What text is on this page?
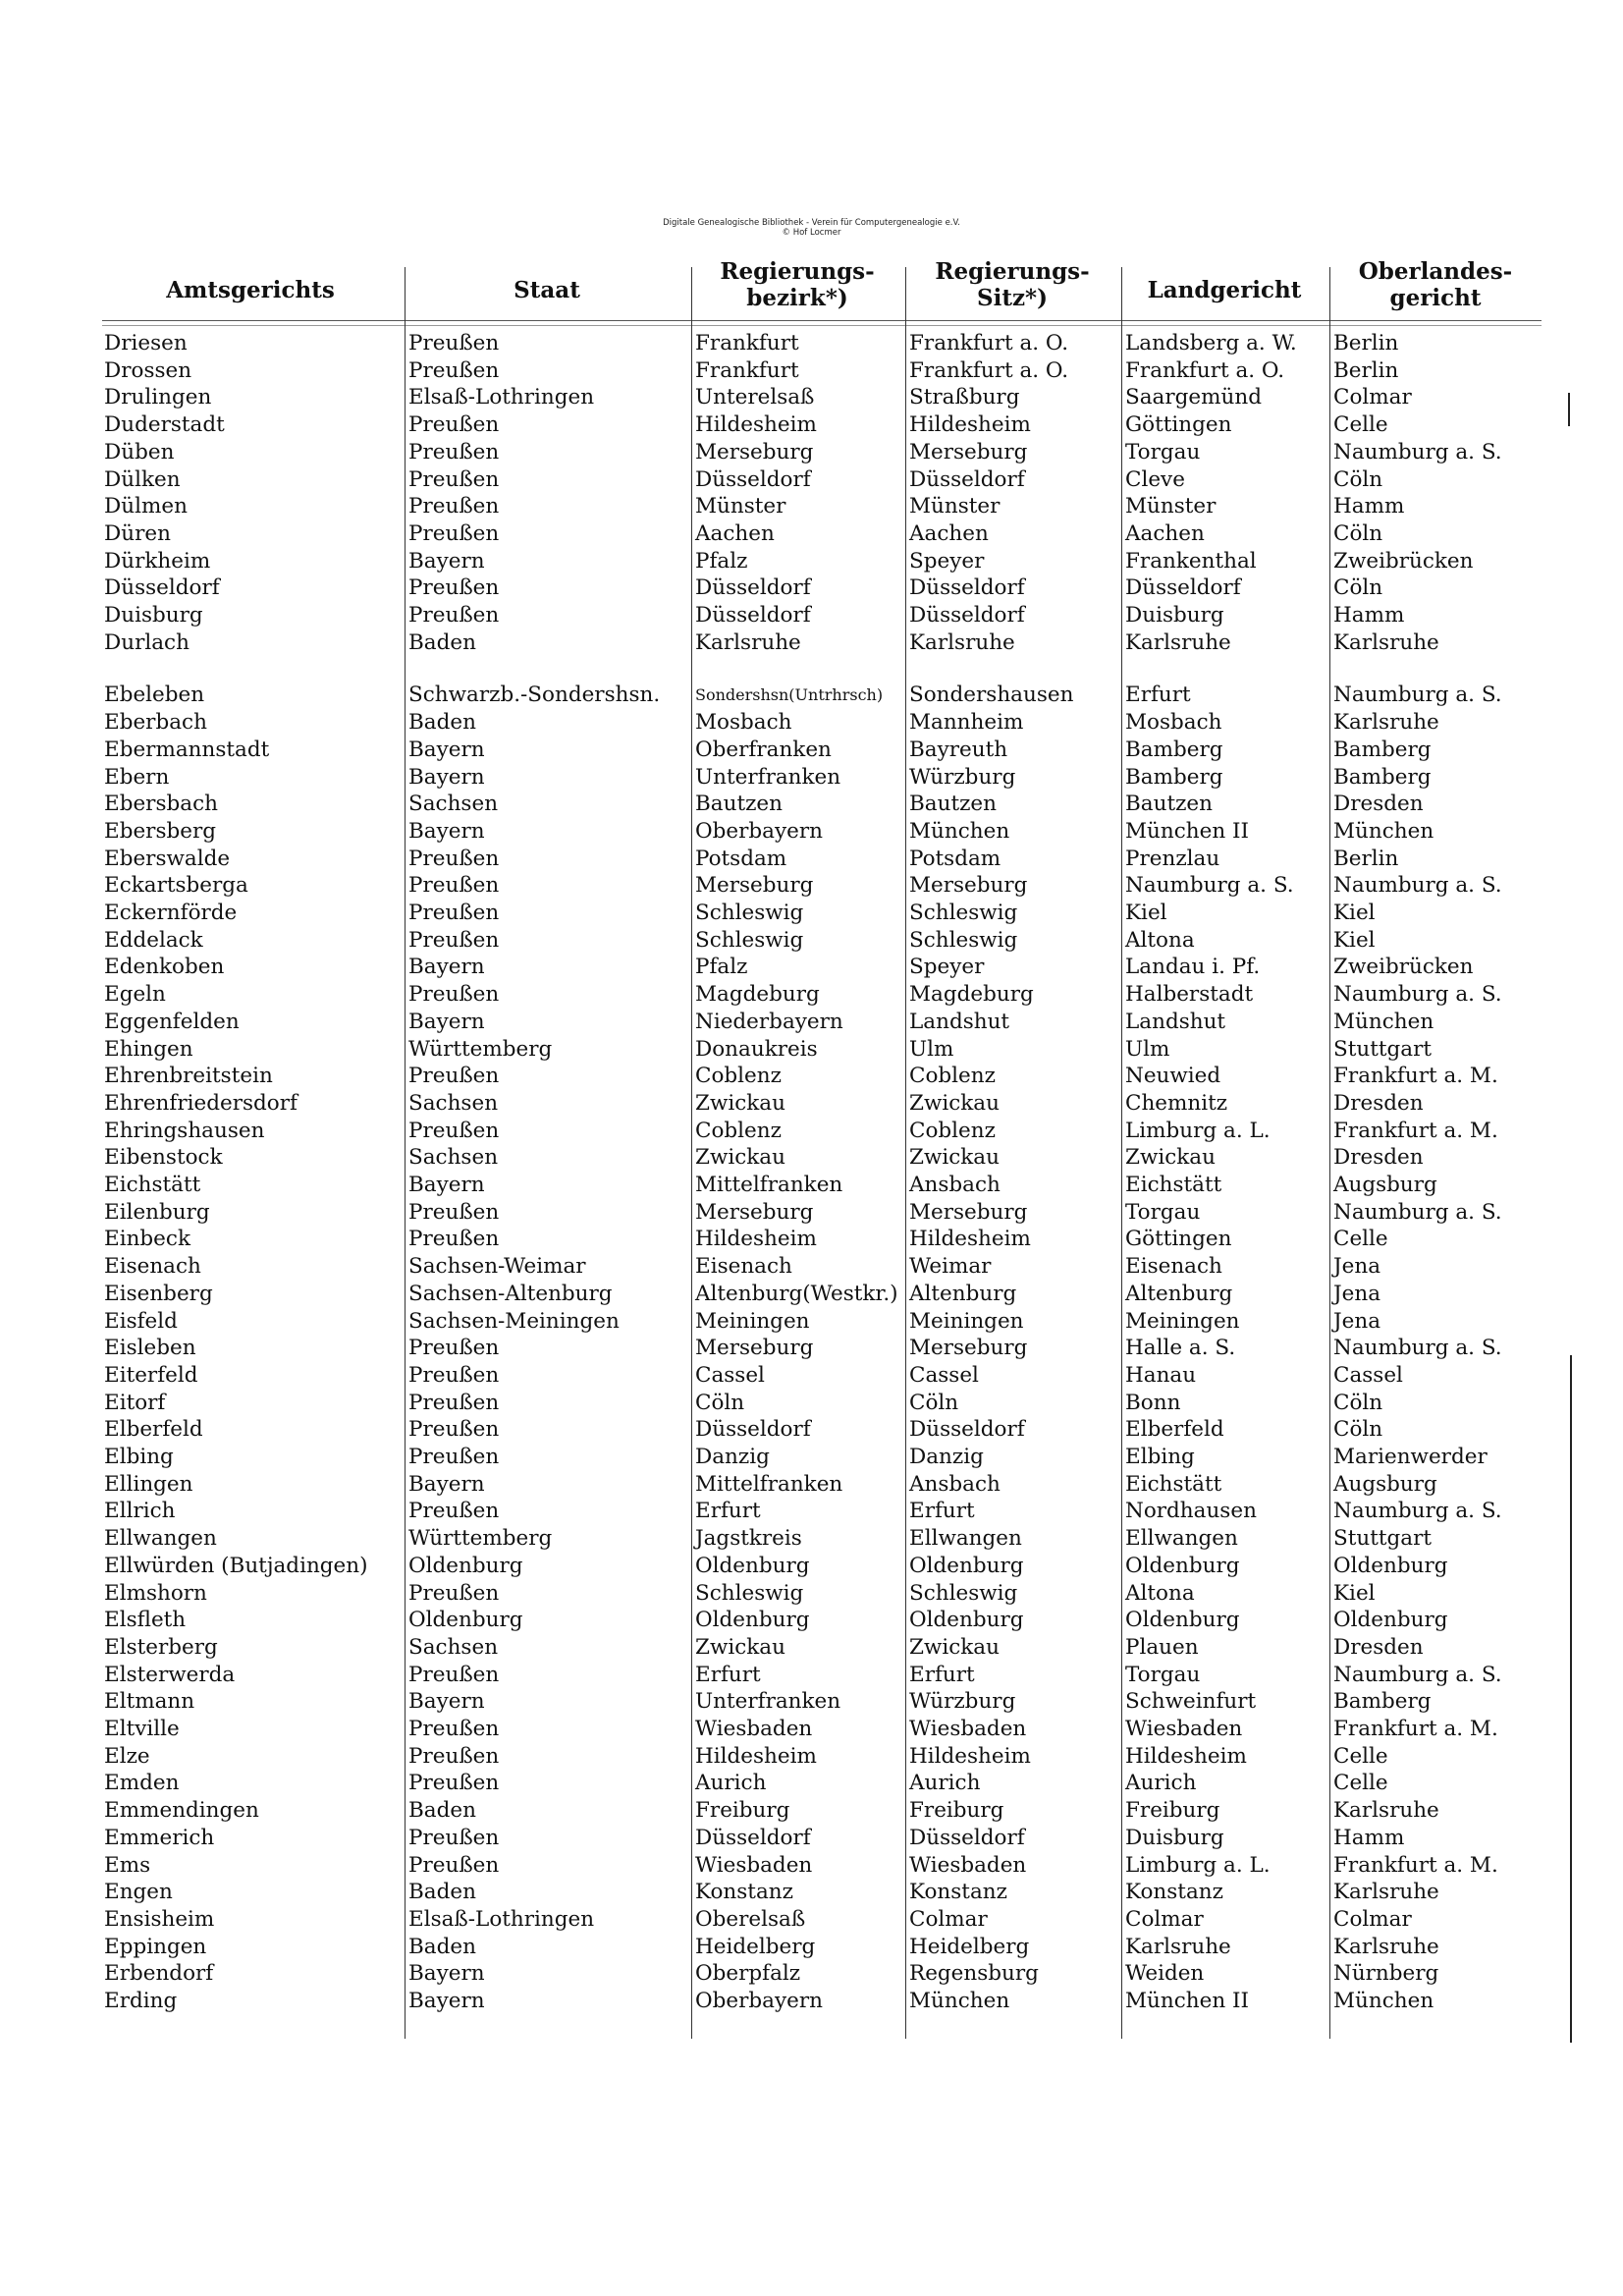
Digitale Genealogische Bibliothek - Verein für Computergenealogie e.V.
© Hof Locmer
Amtsgerichts	Staat
Regierungs-
bezirk*)
Regierungs-
Sitz*)	Landgericht
Oberlandes-
gericht
Driesen
Drossen
Drulingen
Duderstadt
Düben
Dülken
Dülmen
Düren
Dürkheim
Düsseldorf
Duisburg
Durlach
Ebeleben
Eberbach
Ebermannstadt
Ebern
Ebersbach
Ebersberg
Eberswalde
Eckartsberga
Eckernförde
Eddelack
Edenkoben
Egeln
Eggenfelden
Ehingen
Ehrenbreitstein
Ehrenfriedersdorf
Ehringshausen
Eibenstock
Eichstätt
Eilenburg
Einbeck
Eisenach
Eisenberg
Eisfeld
Eisleben
Eiterfeld
Eitorf
Elberfeld
Elbing
Ellingen
Ellrich
Ellwangen
Ellwürden (Butjadingen)
Elmshorn
Elsfleth
Elsterberg
Elsterwerda
Eltmann
Eltville
Elze
Emden
Emmendingen
Emmerich
Ems
Engen
Ensisheim
Eppingen
Erbendorf
Erding
Preußen
Preußen
Elsaß-Lothringen
Preußen
Preußen
Preußen
Preußen
Preußen
Bayern
Preußen
Preußen
Baden
Schwarzb.-Sondershsn.
Baden
Bayern
Bayern
Sachsen
Bayern
Preußen
Preußen
Preußen
Preußen
Bayern
Preußen
Bayern
Württemberg
Preußen
Sachsen
Preußen
Sachsen
Bayern
Preußen
Preußen
Sachsen-Weimar
Sachsen-Altenburg
Sachsen-Meiningen
Preußen
Preußen
Preußen
Preußen
Preußen
Bayern
Preußen
Württemberg
Oldenburg
Preußen
Oldenburg
Sachsen
Preußen
Bayern
Preußen
Preußen
Preußen
Baden
Preußen
Preußen
Baden
Elsaß-Lothringen
Baden
Bayern
Bayern
Frankfurt
Frankfurt
Unterelsaß
Hildesheim
Merseburg
Düsseldorf
Münster
Aachen
Pfalz
Düsseldorf
Düsseldorf
Karlsruhe
Sondershsn(Untrhrsch)
Mosbach
Oberfranken
Unterfranken
Bautzen
Oberbayern
Potsdam
Merseburg
Schleswig
Schleswig
Pfalz
Magdeburg
Niederbayern
Donaukreis
Coblenz
Zwickau
Coblenz
Zwickau
Mittelfranken
Merseburg
Hildesheim
Eisenach
Altenburg(Westkr.)
Meiningen
Merseburg
Cassel
Cöln
Düsseldorf
Danzig
Mittelfranken
Erfurt
Jagstkreis
Oldenburg
Schleswig
Oldenburg
Zwickau
Erfurt
Unterfranken
Wiesbaden
Hildesheim
Aurich
Freiburg
Düsseldorf
Wiesbaden
Konstanz
Oberelsaß
Heidelberg
Oberpfalz
Oberbayern
Frankfurt a. O.
Frankfurt a. O.
Straßburg
Hildesheim
Merseburg
Düsseldorf
Münster
Aachen
Speyer
Düsseldorf
Düsseldorf
Karlsruhe
Sondershausen
Mannheim
Bayreuth
Würzburg
Bautzen
München
Potsdam
Merseburg
Schleswig
Schleswig
Speyer
Magdeburg
Landshut
Ulm
Coblenz
Zwickau
Coblenz
Zwickau
Ansbach
Merseburg
Hildesheim
Weimar
Altenburg
Meiningen
Merseburg
Cassel
Cöln
Düsseldorf
Danzig
Ansbach
Erfurt
Ellwangen
Oldenburg
Schleswig
Oldenburg
Zwickau
Erfurt
Würzburg
Wiesbaden
Hildesheim
Aurich
Freiburg
Düsseldorf
Wiesbaden
Konstanz
Colmar
Heidelberg
Regensburg
München
Landsberg a. W.
Frankfurt a. O.
Saargemünd
Göttingen
Torgau
Cleve
Münster
Aachen
Frankenthal
Düsseldorf
Duisburg
Karlsruhe
Erfurt
Mosbach
Bamberg
Bamberg
Bautzen
München II
Prenzlau
Naumburg a. S.
Kiel
Altona
Landau i. Pf.
Halberstadt
Landshut
Ulm
Neuwied
Chemnitz
Limburg a. L.
Zwickau
Eichstätt
Torgau
Göttingen
Eisenach
Altenburg
Meiningen
Halle a. S.
Hanau
Bonn
Elberfeld
Elbing
Eichstätt
Nordhausen
Ellwangen
Oldenburg
Altona
Oldenburg
Plauen
Torgau
Schweinfurt
Wiesbaden
Hildesheim
Aurich
Freiburg
Duisburg
Limburg a. L.
Konstanz
Colmar
Karlsruhe
Weiden
München II
Berlin
Berlin
Colmar
Celle
Naumburg a. S.
Cöln
Hamm
Cöln
Zweibrücken
Cöln
Hamm
Karlsruhe
Naumburg a. S.
Karlsruhe
Bamberg
Bamberg
Dresden
München
Berlin
Naumburg a. S.
Kiel
Kiel
Zweibrücken
Naumburg a. S.
München
Stuttgart
Frankfurt a. M.
Dresden
Frankfurt a. M.
Dresden
Augsburg
Naumburg a. S.
Celle
Jena
Jena
Jena
Naumburg a. S.
Cassel
Cöln
Cöln
Marienwerder
Augsburg
Naumburg a. S.
Stuttgart
Oldenburg
Kiel
Oldenburg
Dresden
Naumburg a. S.
Bamberg
Frankfurt a. M.
Celle
Celle
Karlsruhe
Hamm
Frankfurt a. M.
Karlsruhe
Colmar
Karlsruhe
Nürnberg
München
